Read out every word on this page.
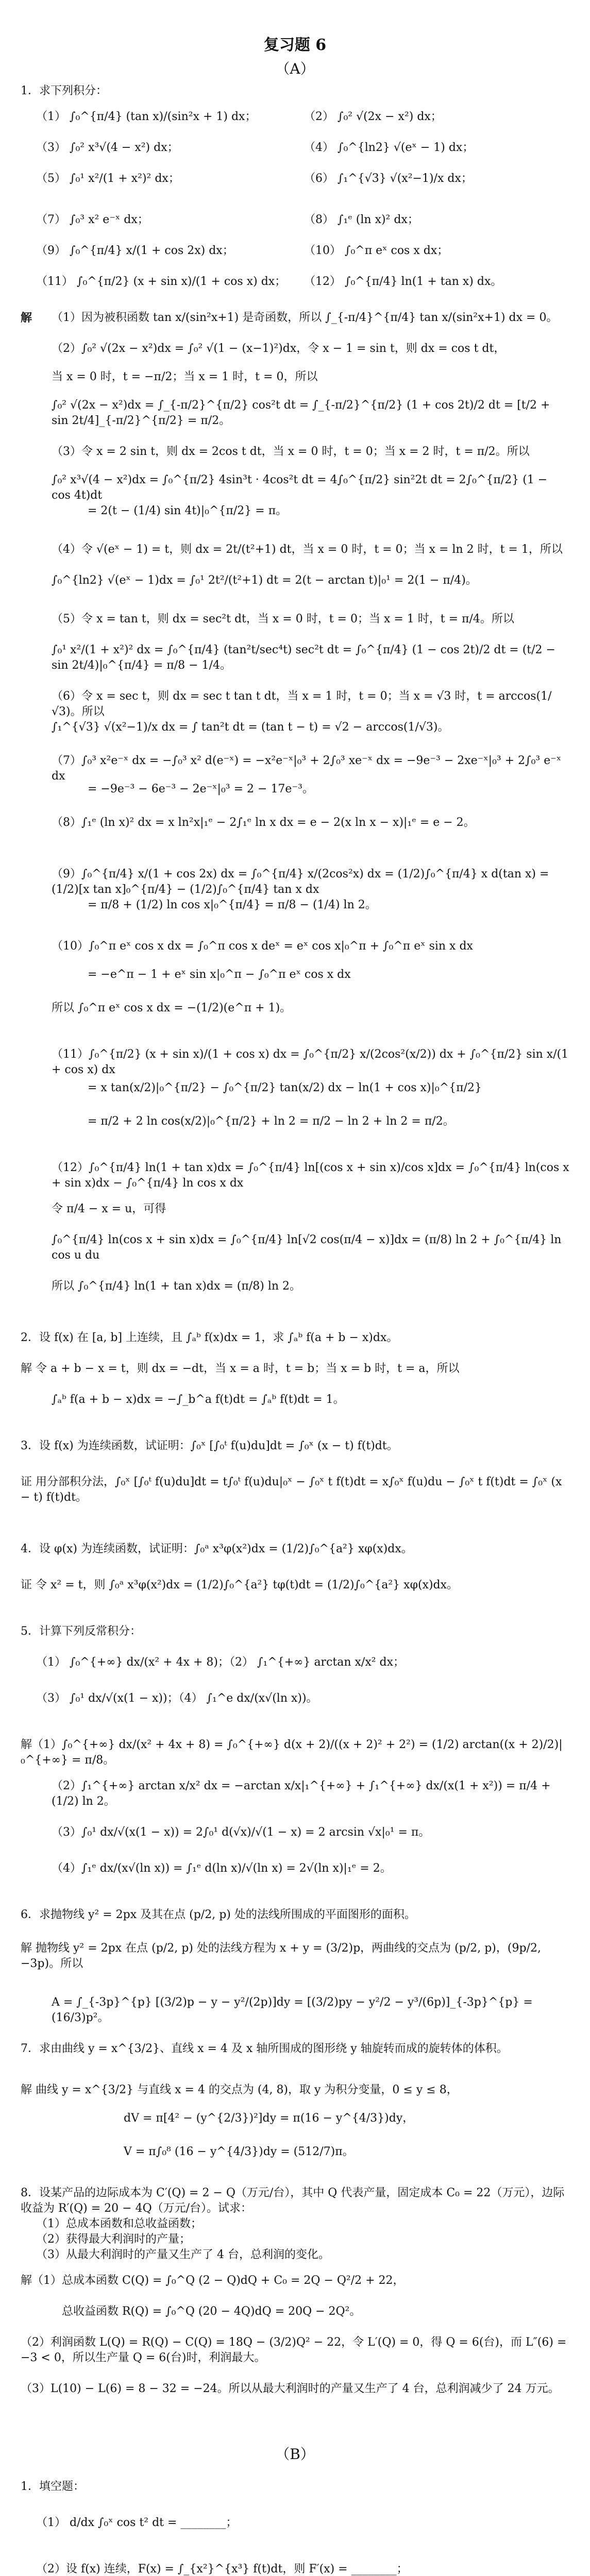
复习题 6
（A）
1．求下列积分：
（1） ∫₀^{π/4} (tan x)/(sin²x + 1) dx；	（2） ∫₀² √(2x − x²) dx；
（3） ∫₀² x³√(4 − x²) dx；	（4） ∫₀^{ln2} √(eˣ − 1) dx；
（5） ∫₀¹ x²/(1 + x²)² dx；	（6） ∫₁^{√3} √(x²−1)/x dx；
（7） ∫₀³ x² e⁻ˣ dx；	（8） ∫₁ᵉ (ln x)² dx；
（9） ∫₀^{π/4} x/(1 + cos 2x) dx；	（10） ∫₀^π eˣ cos x dx；
（11） ∫₀^{π/2} (x + sin x)/(1 + cos x) dx； （12） ∫₀^{π/4} ln(1 + tan x) dx。
解	（1）因为被积函数 tan x/(sin²x+1) 是奇函数，所以 ∫_{-π/4}^{π/4} tan x/(sin²x+1) dx = 0。
（2）∫₀² √(2x − x²)dx = ∫₀² √(1 − (x−1)²)dx，令 x − 1 = sin t，则 dx = cos t dt，
当 x = 0 时，t = −π/2；当 x = 1 时，t = 0，所以
∫₀² √(2x − x²)dx = ∫_{-π/2}^{π/2} cos²t dt = ∫_{-π/2}^{π/2} (1 + cos 2t)/2 dt = [t/2 + sin 2t/4]_{-π/2}^{π/2} = π/2。
（3）令 x = 2 sin t，则 dx = 2cos t dt，当 x = 0 时，t = 0；当 x = 2 时，t = π/2。所以
∫₀² x³√(4 − x²)dx = ∫₀^{π/2} 4sin³t · 4cos²t dt = 4∫₀^{π/2} sin²2t dt = 2∫₀^{π/2} (1 − cos 4t)dt
= 2(t − (1/4) sin 4t)|₀^{π/2} = π。
（4）令 √(eˣ − 1) = t，则 dx = 2t/(t²+1) dt，当 x = 0 时，t = 0；当 x = ln 2 时，t = 1，所以
∫₀^{ln2} √(eˣ − 1)dx = ∫₀¹ 2t²/(t²+1) dt = 2(t − arctan t)|₀¹ = 2(1 − π/4)。
（5）令 x = tan t，则 dx = sec²t dt，当 x = 0 时，t = 0；当 x = 1 时，t = π/4。所以
∫₀¹ x²/(1 + x²)² dx = ∫₀^{π/4} (tan²t/sec⁴t) sec²t dt = ∫₀^{π/4} (1 − cos 2t)/2 dt = (t/2 − sin 2t/4)|₀^{π/4} = π/8 − 1/4。
（6）令 x = sec t，则 dx = sec t tan t dt，当 x = 1 时，t = 0；当 x = √3 时，t = arccos(1/√3)。所以
∫₁^{√3} √(x²−1)/x dx = ∫ tan²t dt = (tan t − t) = √2 − arccos(1/√3)。
（7）∫₀³ x²e⁻ˣ dx = −∫₀³ x² d(e⁻ˣ) = −x²e⁻ˣ|₀³ + 2∫₀³ xe⁻ˣ dx = −9e⁻³ − 2xe⁻ˣ|₀³ + 2∫₀³ e⁻ˣ dx
= −9e⁻³ − 6e⁻³ − 2e⁻ˣ|₀³ = 2 − 17e⁻³。
（8）∫₁ᵉ (ln x)² dx = x ln²x|₁ᵉ − 2∫₁ᵉ ln x dx = e − 2(x ln x − x)|₁ᵉ = e − 2。
（9）∫₀^{π/4} x/(1 + cos 2x) dx = ∫₀^{π/4} x/(2cos²x) dx = (1/2)∫₀^{π/4} x d(tan x) = (1/2)[x tan x]₀^{π/4} − (1/2)∫₀^{π/4} tan x dx
= π/8 + (1/2) ln cos x|₀^{π/4} = π/8 − (1/4) ln 2。
（10）∫₀^π eˣ cos x dx = ∫₀^π cos x deˣ = eˣ cos x|₀^π + ∫₀^π eˣ sin x dx
= −e^π − 1 + eˣ sin x|₀^π − ∫₀^π eˣ cos x dx
所以 ∫₀^π eˣ cos x dx = −(1/2)(e^π + 1)。
（11）∫₀^{π/2} (x + sin x)/(1 + cos x) dx = ∫₀^{π/2} x/(2cos²(x/2)) dx + ∫₀^{π/2} sin x/(1 + cos x) dx
= x tan(x/2)|₀^{π/2} − ∫₀^{π/2} tan(x/2) dx − ln(1 + cos x)|₀^{π/2}
= π/2 + 2 ln cos(x/2)|₀^{π/2} + ln 2 = π/2 − ln 2 + ln 2 = π/2。
（12）∫₀^{π/4} ln(1 + tan x)dx = ∫₀^{π/4} ln[(cos x + sin x)/cos x]dx = ∫₀^{π/4} ln(cos x + sin x)dx − ∫₀^{π/4} ln cos x dx
令 π/4 − x = u，可得
∫₀^{π/4} ln(cos x + sin x)dx = ∫₀^{π/4} ln[√2 cos(π/4 − x)]dx = (π/8) ln 2 + ∫₀^{π/4} ln cos u du
所以 ∫₀^{π/4} ln(1 + tan x)dx = (π/8) ln 2。
2．设 f(x) 在 [a, b] 上连续，且 ∫ₐᵇ f(x)dx = 1，求 ∫ₐᵇ f(a + b − x)dx。
解 令 a + b − x = t，则 dx = −dt，当 x = a 时，t = b；当 x = b 时，t = a，所以
∫ₐᵇ f(a + b − x)dx = −∫_b^a f(t)dt = ∫ₐᵇ f(t)dt = 1。
3．设 f(x) 为连续函数，试证明：∫₀ˣ [∫₀ᵗ f(u)du]dt = ∫₀ˣ (x − t) f(t)dt。
证 用分部积分法，∫₀ˣ [∫₀ᵗ f(u)du]dt = t∫₀ᵗ f(u)du|₀ˣ − ∫₀ˣ t f(t)dt = x∫₀ˣ f(u)du − ∫₀ˣ t f(t)dt = ∫₀ˣ (x − t) f(t)dt。
4．设 φ(x) 为连续函数，试证明：∫₀ᵃ x³φ(x²)dx = (1/2)∫₀^{a²} xφ(x)dx。
证 令 x² = t，则 ∫₀ᵃ x³φ(x²)dx = (1/2)∫₀^{a²} tφ(t)dt = (1/2)∫₀^{a²} xφ(x)dx。
5．计算下列反常积分：
（1） ∫₀^{+∞} dx/(x² + 4x + 8)；（2） ∫₁^{+∞} arctan x/x² dx；
（3） ∫₀¹ dx/√(x(1 − x))；（4） ∫₁^e dx/(x√(ln x))。
解（1）∫₀^{+∞} dx/(x² + 4x + 8) = ∫₀^{+∞} d(x + 2)/((x + 2)² + 2²) = (1/2) arctan((x + 2)/2)|₀^{+∞} = π/8。
（2）∫₁^{+∞} arctan x/x² dx = −arctan x/x|₁^{+∞} + ∫₁^{+∞} dx/(x(1 + x²)) = π/4 + (1/2) ln 2。
（3）∫₀¹ dx/√(x(1 − x)) = 2∫₀¹ d(√x)/√(1 − x) = 2 arcsin √x|₀¹ = π。
（4）∫₁ᵉ dx/(x√(ln x)) = ∫₁ᵉ d(ln x)/√(ln x) = 2√(ln x)|₁ᵉ = 2。
6．求抛物线 y² = 2px 及其在点 (p/2, p) 处的法线所围成的平面图形的面积。
解 抛物线 y² = 2px 在点 (p/2, p) 处的法线方程为 x + y = (3/2)p，两曲线的交点为 (p/2, p)，(9p/2, −3p)。所以
A = ∫_{-3p}^{p} [(3/2)p − y − y²/(2p)]dy = [(3/2)py − y²/2 − y³/(6p)]_{-3p}^{p} = (16/3)p²。
7．求由曲线 y = x^{3/2}、直线 x = 4 及 x 轴所围成的图形绕 y 轴旋转而成的旋转体的体积。
解 曲线 y = x^{3/2} 与直线 x = 4 的交点为 (4, 8)，取 y 为积分变量，0 ≤ y ≤ 8，
dV = π[4² − (y^{2/3})²]dy = π(16 − y^{4/3})dy，
V = π∫₀⁸ (16 − y^{4/3})dy = (512/7)π。
8．设某产品的边际成本为 C′(Q) = 2 − Q（万元/台），其中 Q 代表产量，固定成本 C₀ = 22（万元），边际收益为 R′(Q) = 20 − 4Q（万元/台）。试求：
（1）总成本函数和总收益函数；
（2）获得最大利润时的产量；
（3）从最大利润时的产量又生产了 4 台，总利润的变化。
解（1）总成本函数 C(Q) = ∫₀^Q (2 − Q)dQ + C₀ = 2Q − Q²/2 + 22，
总收益函数 R(Q) = ∫₀^Q (20 − 4Q)dQ = 20Q − 2Q²。
（2）利润函数 L(Q) = R(Q) − C(Q) = 18Q − (3/2)Q² − 22，令 L′(Q) = 0，得 Q = 6(台)，而 L″(6) = −3 < 0，所以生产量 Q = 6(台)时，利润最大。
（3）L(10) − L(6) = 8 − 32 = −24。所以从最大利润时的产量又生产了 4 台，总利润减少了 24 万元。
（B）
1．填空题：
（1） d/dx ∫₀ˣ cos t² dt = ________；
（2）设 f(x) 连续，F(x) = ∫_{x²}^{x³} f(t)dt，则 F′(x) = ________；
